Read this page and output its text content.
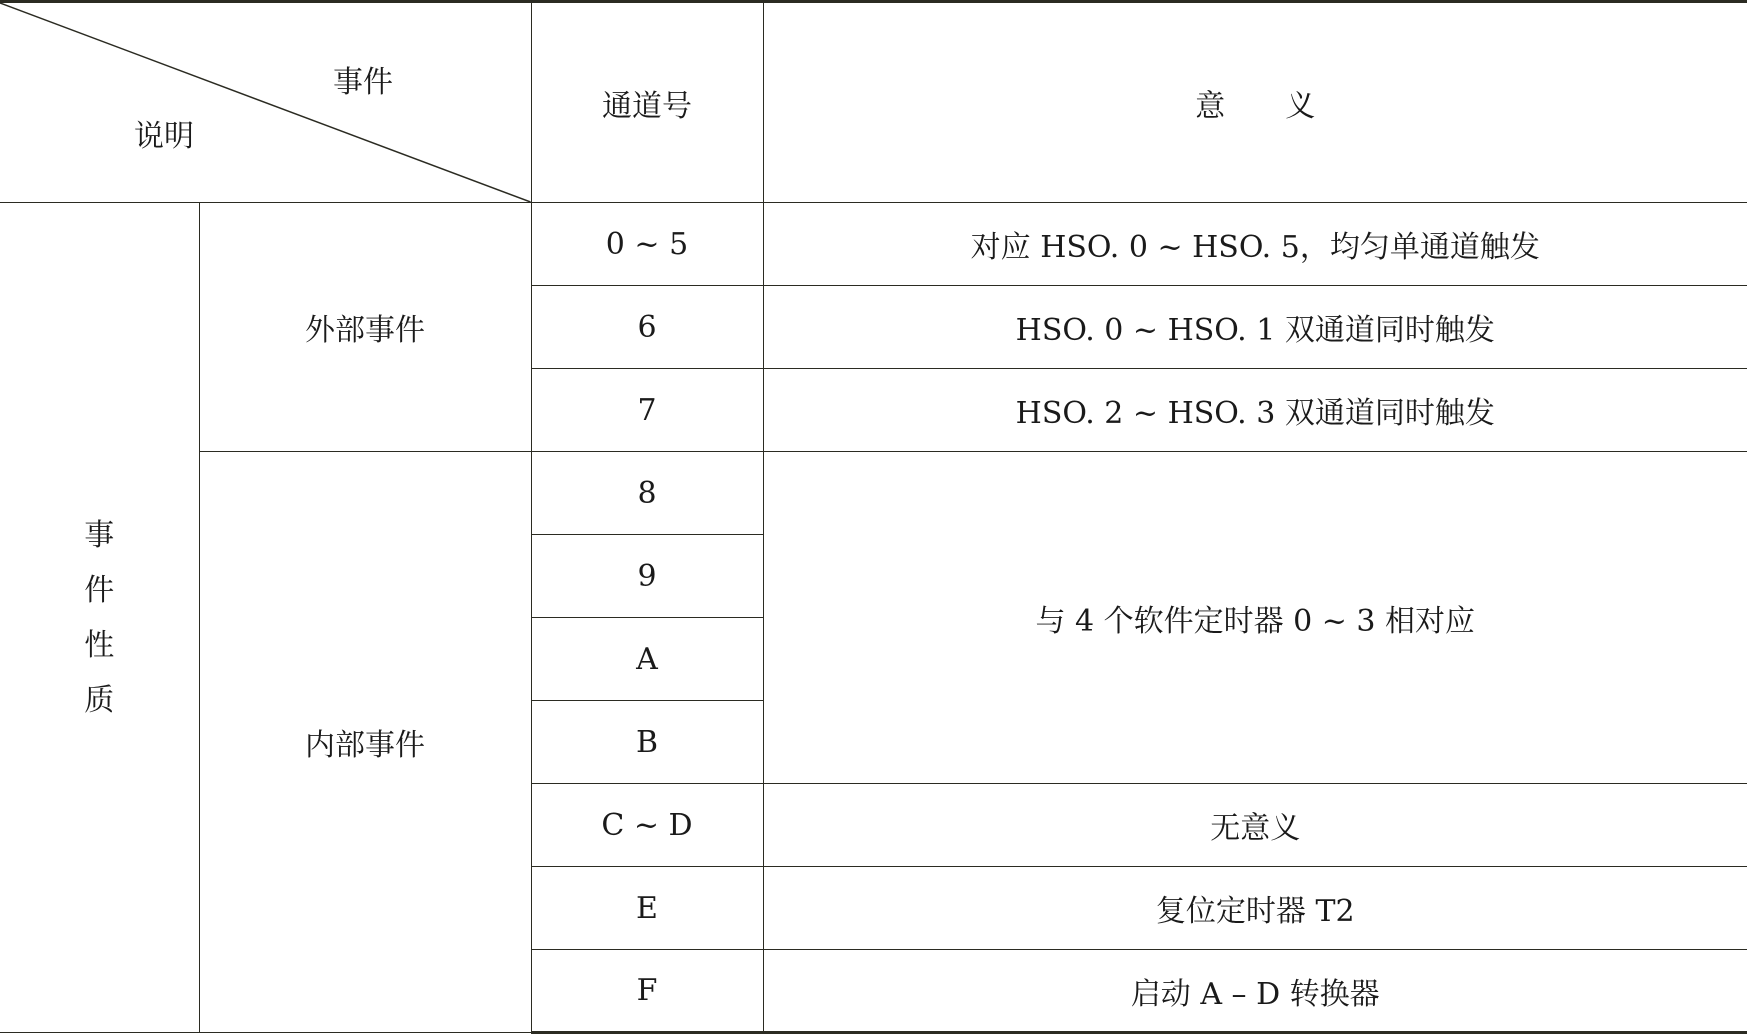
事件
说明		通道号	意　　义
事件性质	外部事件	0 ~ 5	对应 HSO. 0 ~ HSO. 5，均匀单通道触发
		6	HSO. 0 ~ HSO. 1 双通道同时触发
		7	HSO. 2 ~ HSO. 3 双通道同时触发
	内部事件	8	与 4 个软件定时器 0 ~ 3 相对应
		9	
		A	
		B	
		C ~ D	无意义
		E	复位定时器 T2
		F	启动 A – D 转换器
